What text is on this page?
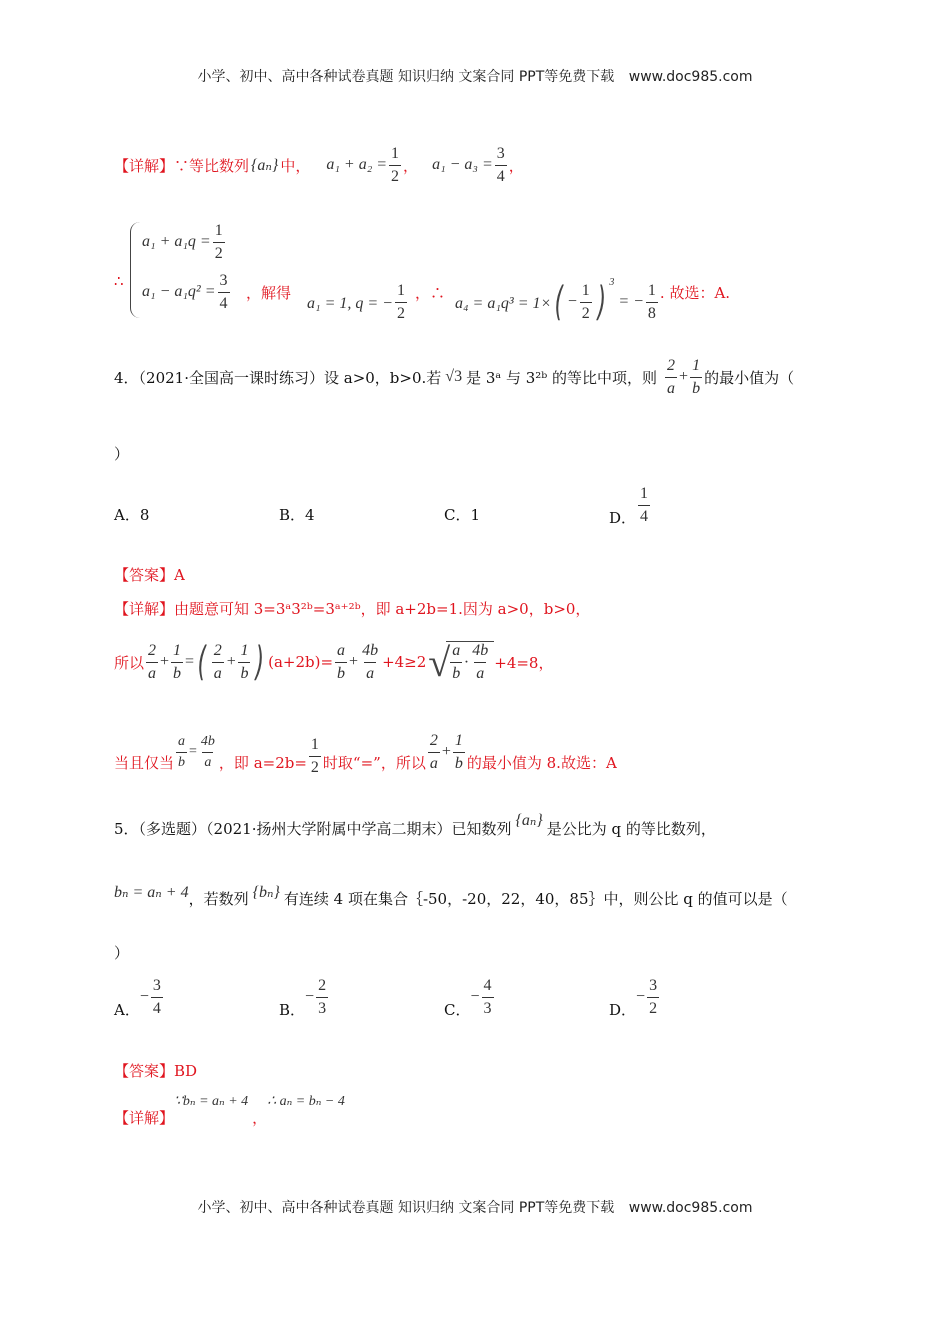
小学、初中、高中各种试卷真题 知识归纳 文案合同 PPT等免费下载 www.doc985.com
【详解】 ∵等比数列 {aₙ} 中， $a_1 + a_2 = \frac{1}{2}$ ， $a_1 - a_3 = \frac{3}{4}$ ，
∴
$a_1 + a_1q = \frac{1}{2}$
$a_1 - a_1q^2 = \frac{3}{4}$ ，解得
a₁ = 1, q = − $\frac{1}{2}$ ，∴
a₄ = a₁q³ = 1× ( − $\frac{1}{2}$ ) $^3$
= − $\frac{1}{8}$ . 故选：A.
4．（2021·全国高一课时练习）设 a>0，b>0.若 √3 是 3ᵃ 与 3²ᵇ 的等比中项，则 $\frac{2}{a} + \frac{1}{b}$ 的最小值为（
）
A．8	B．4	C．1	D． $\frac{1}{4}$
【答案】A
【详解】由题意可知 3=3ᵃ3²ᵇ=3ᵃ⁺²ᵇ，即 a+2b=1.因为 a>0，b>0，
所以 $\frac{2}{a} + \frac{1}{b}$ = ( $\frac{2}{a} + \frac{1}{b}$ ) $(a+2b)= \frac{a}{b} + \frac{4b}{a} +4\ge 2$ √ $\frac{a}{b} \cdot \frac{4b}{a} +4=8$，
当且仅当 $\frac{a}{b} = \frac{4b}{a}$ ，即 $a=2b= \frac{1}{2}$ 时取“=”，所以 $\frac{2}{a} + \frac{1}{b}$ 的最小值为 8.故选：A
5．（多选题）（2021·扬州大学附属中学高二期末）已知数列 {aₙ} 是公比为 q 的等比数列，
bₙ = aₙ + 4 ，若数列 {bₙ} 有连续 4 项在集合｛-50，-20，22，40，85｝中，则公比 q 的值可以是（
）
A．
− $\frac{3}{4}$	B．
− $\frac{2}{3}$	C．
− $\frac{4}{3}$	D．
− $\frac{3}{2}$
【答案】BD
【详解】
∵bₙ = aₙ + 4
，
∴ aₙ = bₙ − 4
小学、初中、高中各种试卷真题 知识归纳 文案合同 PPT等免费下载 www.doc985.com
